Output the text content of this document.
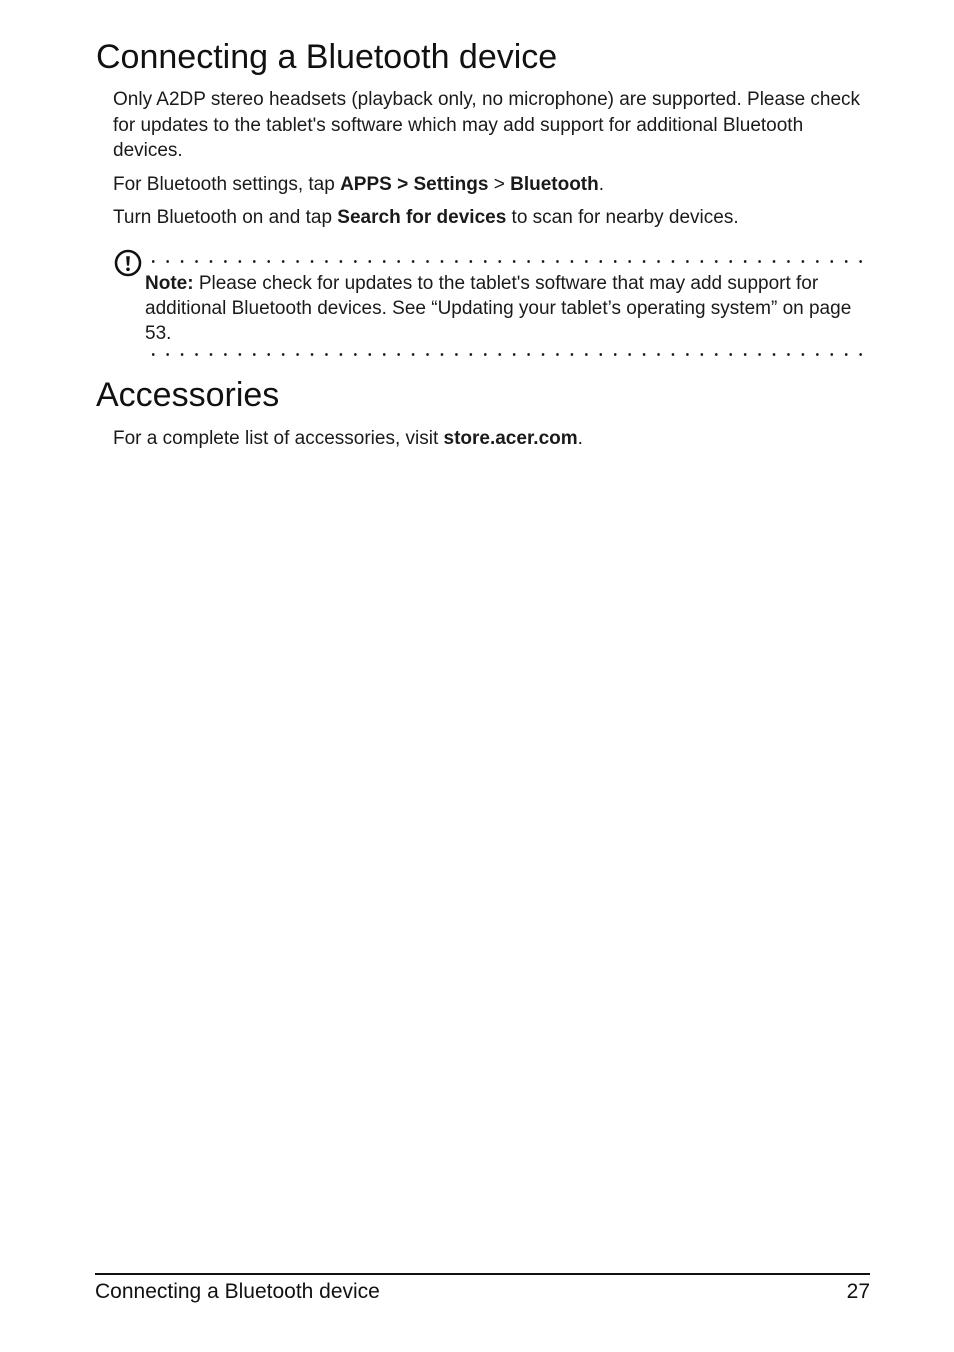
Connecting a Bluetooth device

Only A2DP stereo headsets (playback only, no microphone) are supported. Please check for updates to the tablet's software which may add support for additional Bluetooth devices.

For Bluetooth settings, tap APPS > Settings > Bluetooth.

Turn Bluetooth on and tap Search for devices to scan for nearby devices.

Note: Please check for updates to the tablet's software that may add support for additional Bluetooth devices. See “Updating your tablet’s operating system” on page 53.

Accessories

For a complete list of accessories, visit store.acer.com.

Connecting a Bluetooth device	27
